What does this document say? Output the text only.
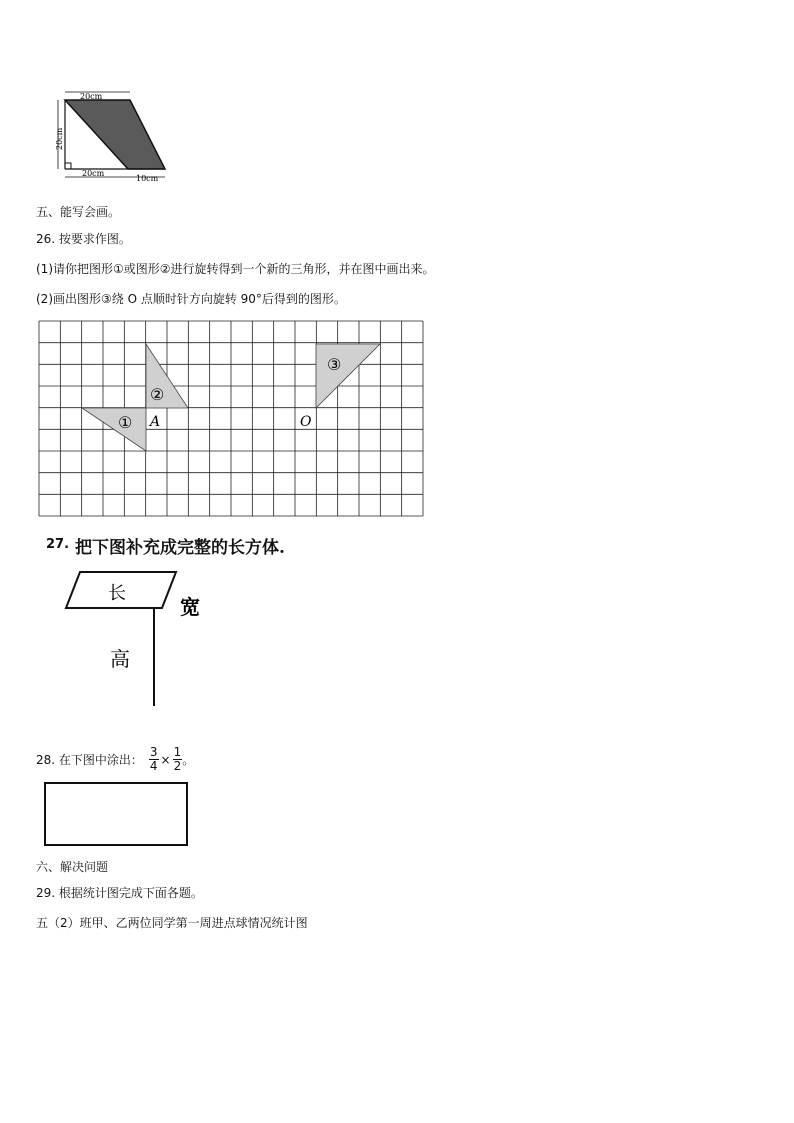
20cm
20cm
20cm
10cm
五、能写会画。
26. 按要求作图。
(1)请你把图形①或图形②进行旋转得到一个新的三角形，并在图中画出来。
(2)画出图形③绕 O 点顺时针方向旋转 90°后得到的图形。
①
②
③
A	O
27. 把下图补充成完整的长方体.
长
宽
高
28. 在下图中涂出： $\frac{3}{4} \times \frac{1}{2}$ 。
六、解决问题
29. 根据统计图完成下面各题。
五（2）班甲、乙两位同学第一周进点球情况统计图
